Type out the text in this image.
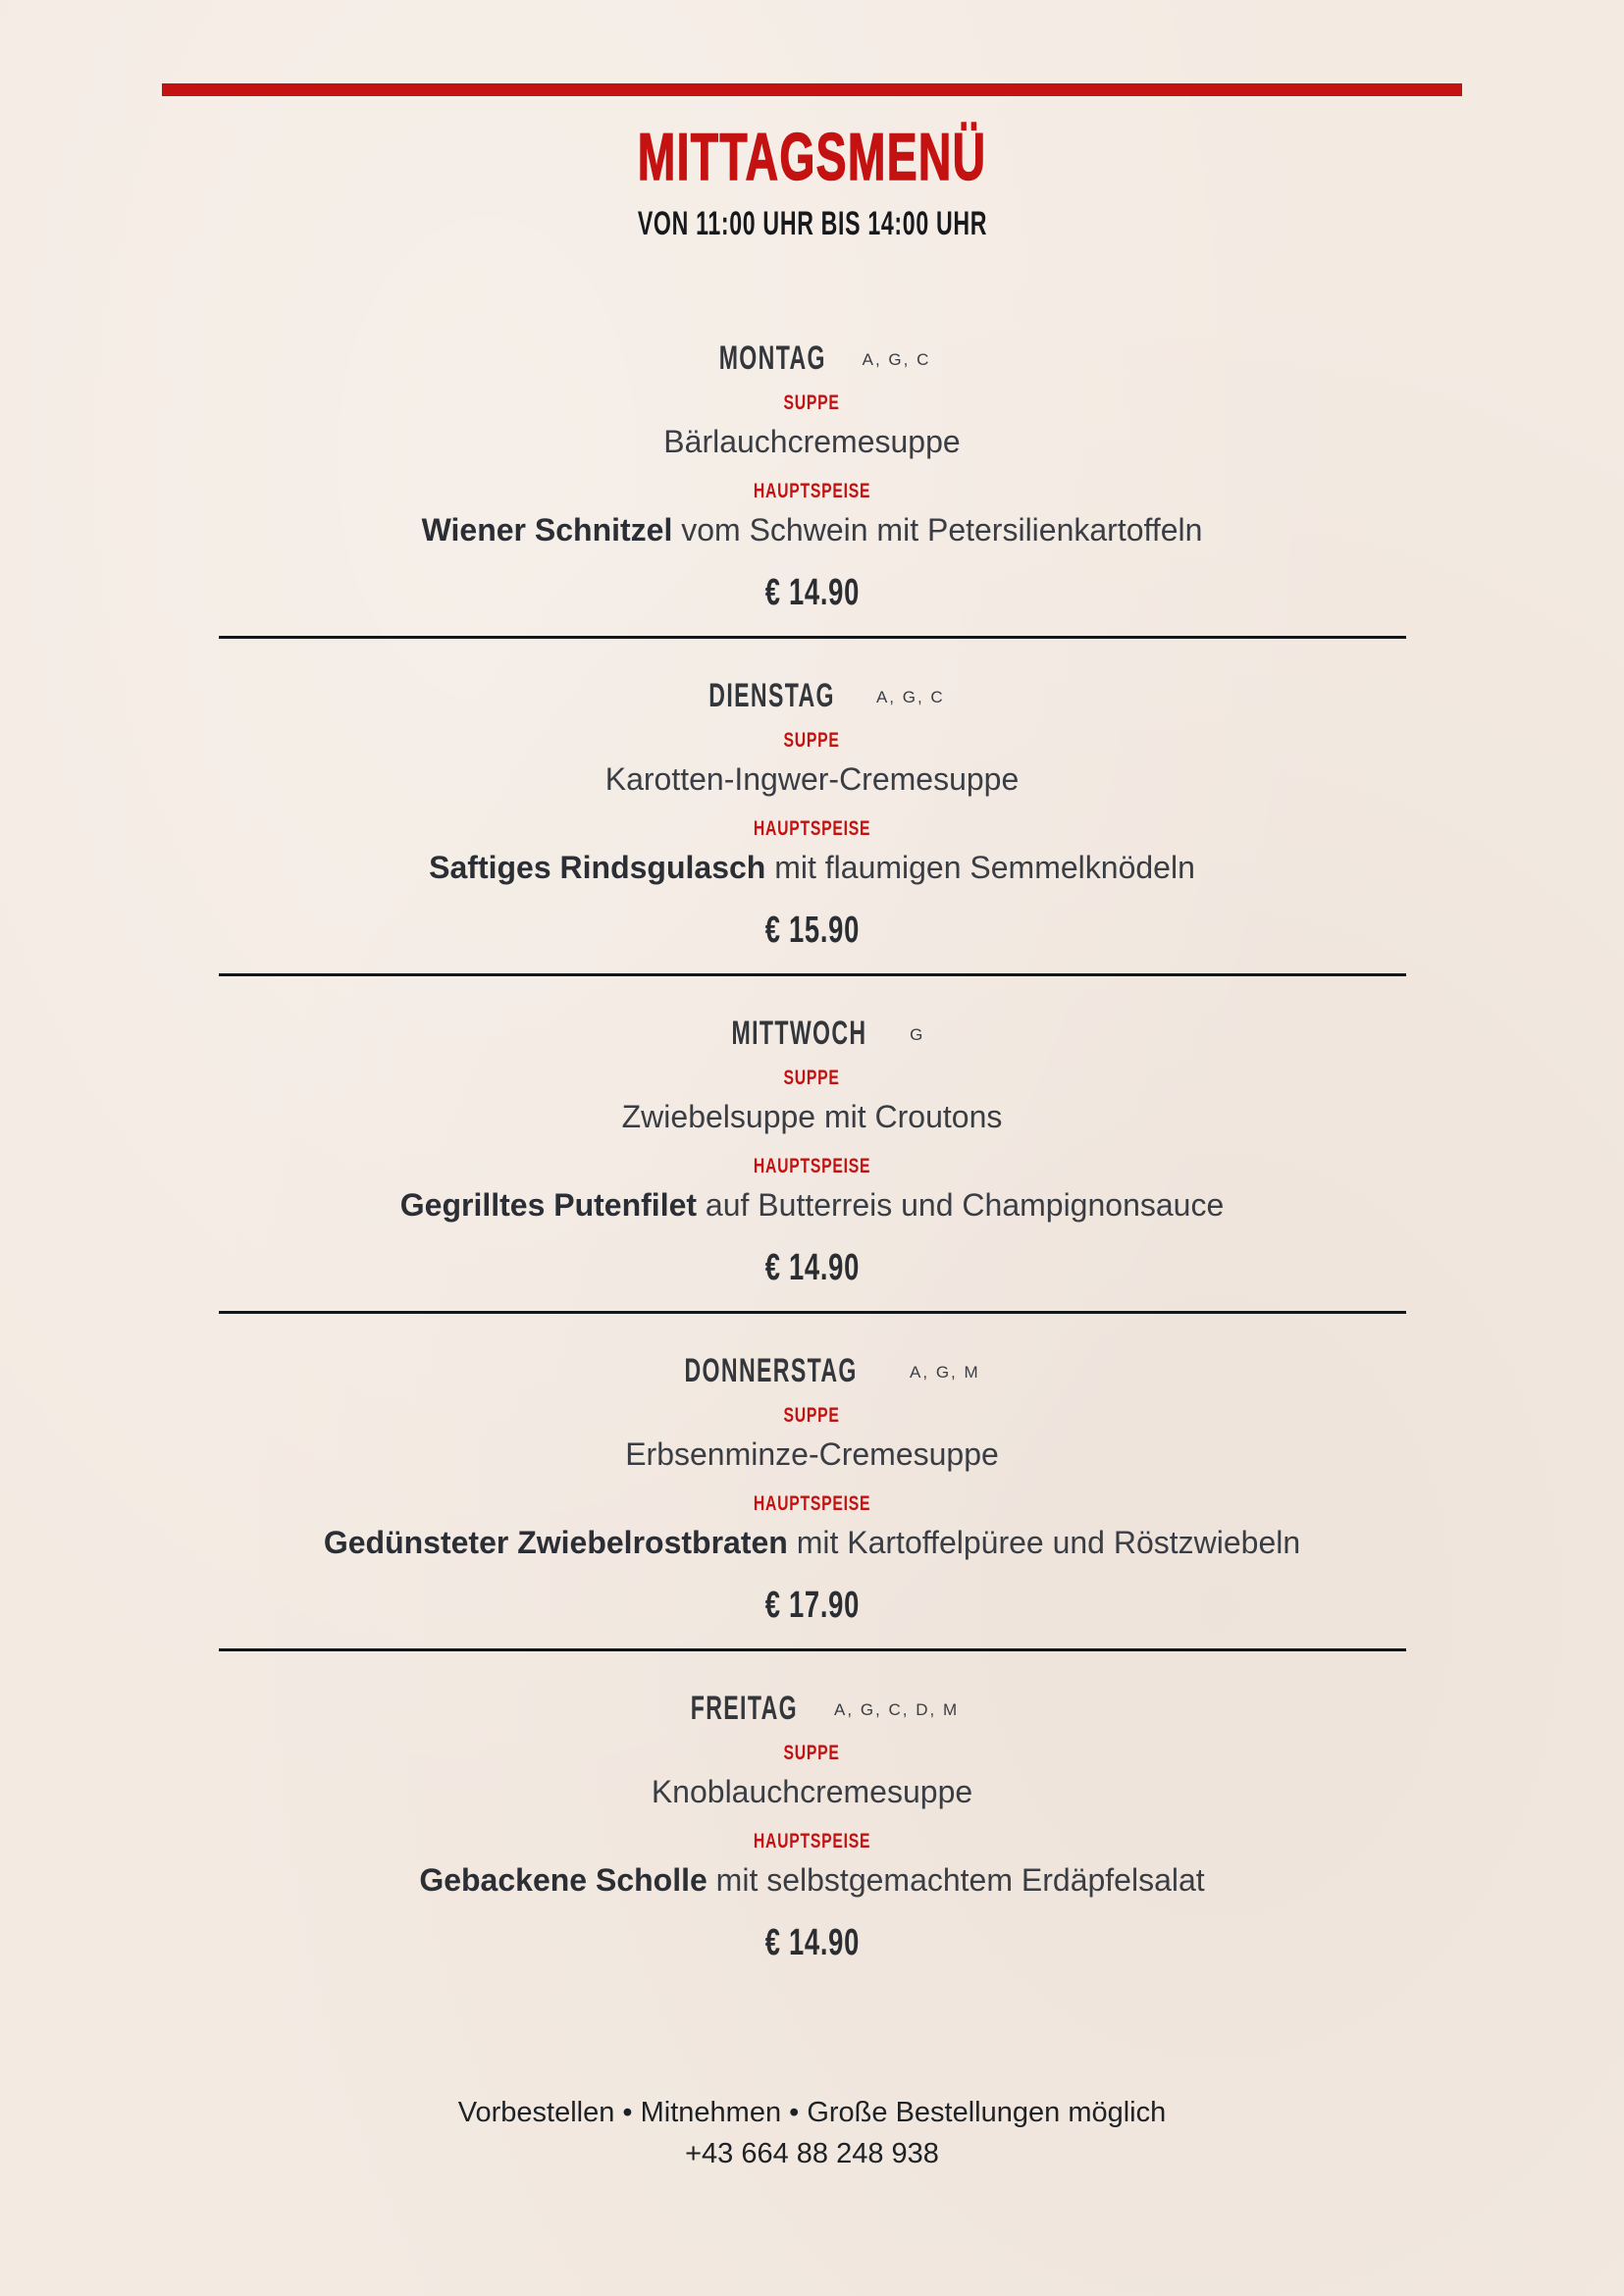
MITTAGSMENÜ
VON 11:00 UHR BIS 14:00 UHR
MONTAG A, G, C
SUPPE
Bärlauchcremesuppe
HAUPTSPEISE
Wiener Schnitzel vom Schwein mit Petersilienkartoffeln
€ 14.90
DIENSTAG A, G, C
SUPPE
Karotten-Ingwer-Cremesuppe
HAUPTSPEISE
Saftiges Rindsgulasch mit flaumigen Semmelknödeln
€ 15.90
MITTWOCH	G
SUPPE
Zwiebelsuppe mit Croutons
HAUPTSPEISE
Gegrilltes Putenfilet auf Butterreis und Champignonsauce
€ 14.90
DONNERSTAG	A, G, M
SUPPE
Erbsenminze-Cremesuppe
HAUPTSPEISE
Gedünsteter Zwiebelrostbraten mit Kartoffelpüree und Röstzwiebeln
€ 17.90
FREITAG A, G, C, D, M
SUPPE
Knoblauchcremesuppe
HAUPTSPEISE
Gebackene Scholle mit selbstgemachtem Erdäpfelsalat
€ 14.90
Vorbestellen • Mitnehmen • Große Bestellungen möglich
+43 664 88 248 938
